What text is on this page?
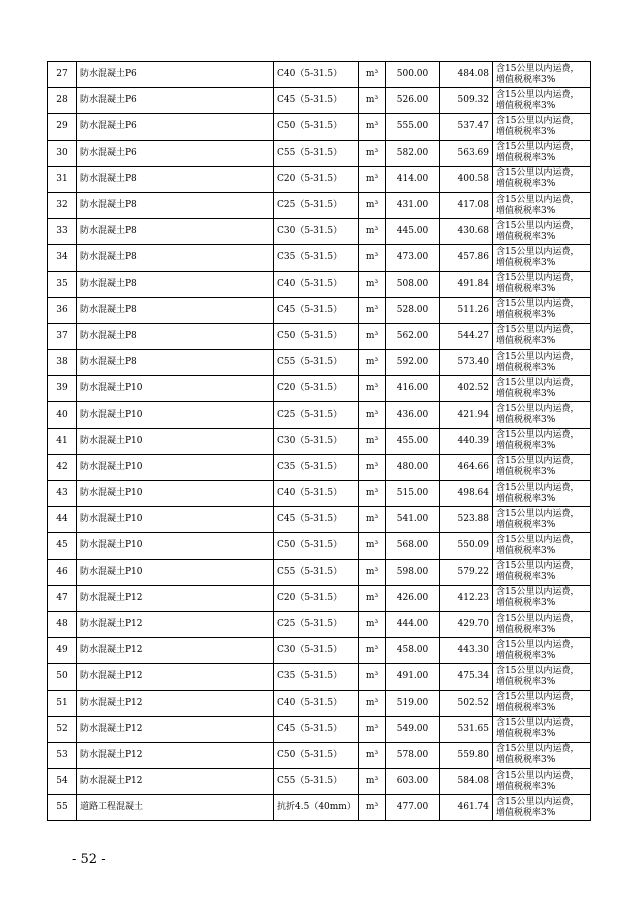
27	防水混凝土P6	C40（5-31.5）	m³	500.00	484.08	含15公里以内运费，
增值税税率3%

28	防水混凝土P6	C45（5-31.5）	m³	526.00	509.32	含15公里以内运费，
增值税税率3%

29	防水混凝土P6	C50（5-31.5）	m³	555.00	537.47	含15公里以内运费，
增值税税率3%

30	防水混凝土P6	C55（5-31.5）	m³	582.00	563.69	含15公里以内运费，
增值税税率3%

31	防水混凝土P8	C20（5-31.5）	m³	414.00	400.58	含15公里以内运费，
增值税税率3%

32	防水混凝土P8	C25（5-31.5）	m³	431.00	417.08	含15公里以内运费，
增值税税率3%

33	防水混凝土P8	C30（5-31.5）	m³	445.00	430.68	含15公里以内运费，
增值税税率3%

34	防水混凝土P8	C35（5-31.5）	m³	473.00	457.86	含15公里以内运费，
增值税税率3%

35	防水混凝土P8	C40（5-31.5）	m³	508.00	491.84	含15公里以内运费，
增值税税率3%

36	防水混凝土P8	C45（5-31.5）	m³	528.00	511.26	含15公里以内运费，
增值税税率3%

37	防水混凝土P8	C50（5-31.5）	m³	562.00	544.27	含15公里以内运费，
增值税税率3%

38	防水混凝土P8	C55（5-31.5）	m³	592.00	573.40	含15公里以内运费，
增值税税率3%

39	防水混凝土P10	C20（5-31.5）	m³	416.00	402.52	含15公里以内运费，
增值税税率3%

40	防水混凝土P10	C25（5-31.5）	m³	436.00	421.94	含15公里以内运费，
增值税税率3%

41	防水混凝土P10	C30（5-31.5）	m³	455.00	440.39	含15公里以内运费，
增值税税率3%

42	防水混凝土P10	C35（5-31.5）	m³	480.00	464.66	含15公里以内运费，
增值税税率3%

43	防水混凝土P10	C40（5-31.5）	m³	515.00	498.64	含15公里以内运费，
增值税税率3%

44	防水混凝土P10	C45（5-31.5）	m³	541.00	523.88	含15公里以内运费，
增值税税率3%

45	防水混凝土P10	C50（5-31.5）	m³	568.00	550.09	含15公里以内运费，
增值税税率3%

46	防水混凝土P10	C55（5-31.5）	m³	598.00	579.22	含15公里以内运费，
增值税税率3%

47	防水混凝土P12	C20（5-31.5）	m³	426.00	412.23	含15公里以内运费，
增值税税率3%

48	防水混凝土P12	C25（5-31.5）	m³	444.00	429.70	含15公里以内运费，
增值税税率3%

49	防水混凝土P12	C30（5-31.5）	m³	458.00	443.30	含15公里以内运费，
增值税税率3%

50	防水混凝土P12	C35（5-31.5）	m³	491.00	475.34	含15公里以内运费，
增值税税率3%

51	防水混凝土P12	C40（5-31.5）	m³	519.00	502.52	含15公里以内运费，
增值税税率3%

52	防水混凝土P12	C45（5-31.5）	m³	549.00	531.65	含15公里以内运费，
增值税税率3%

53	防水混凝土P12	C50（5-31.5）	m³	578.00	559.80	含15公里以内运费，
增值税税率3%

54	防水混凝土P12	C55（5-31.5）	m³	603.00	584.08	含15公里以内运费，
增值税税率3%

55	道路工程混凝土	抗折4.5（40mm）	m³	477.00	461.74	含15公里以内运费，
增值税税率3%
- 52 -
